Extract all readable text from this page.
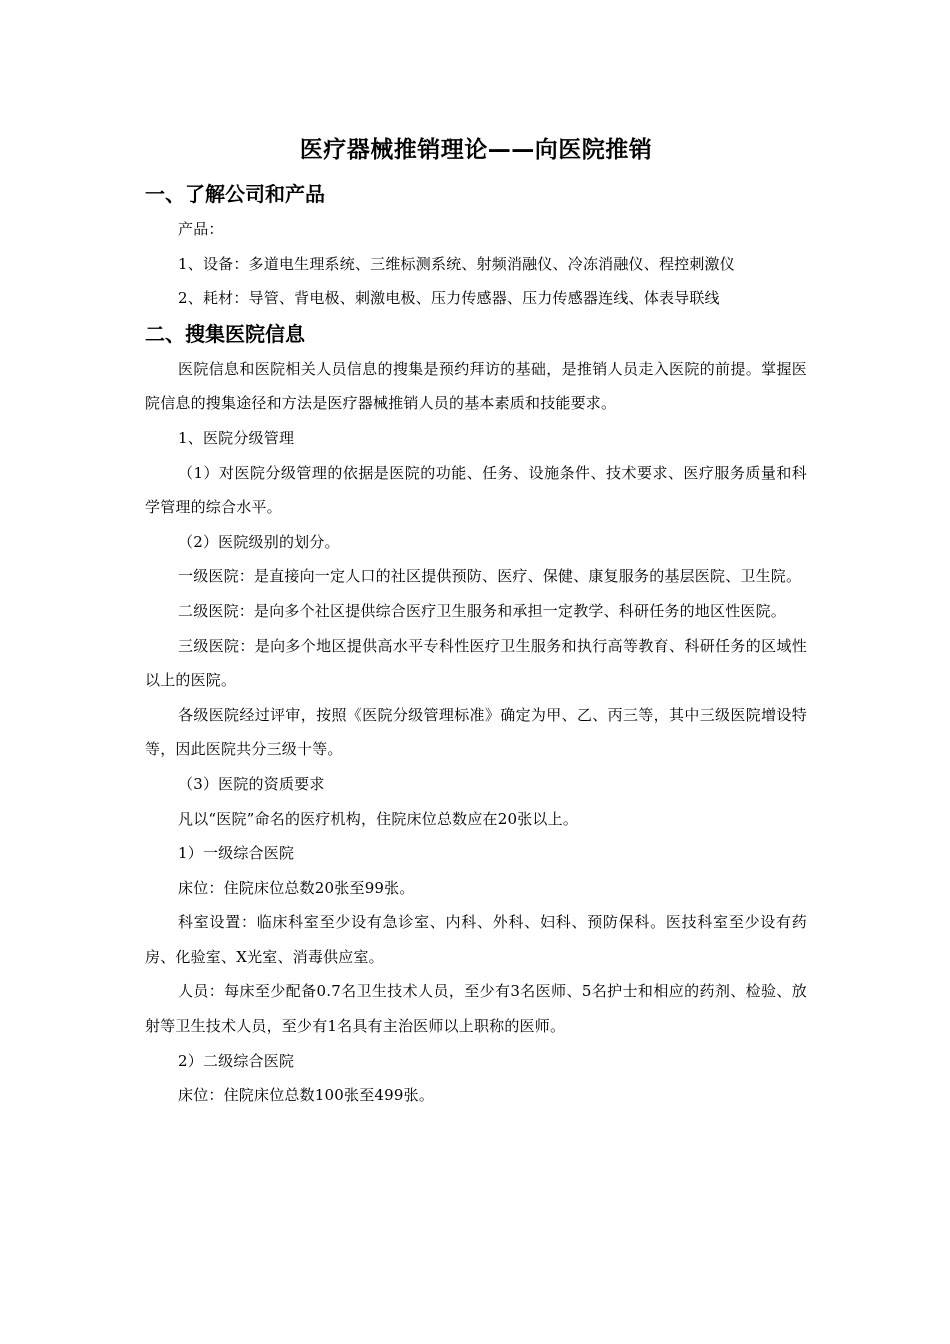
医疗器械推销理论——向医院推销
一、了解公司和产品
产品：
1、设备：多道电生理系统、三维标测系统、射频消融仪、冷冻消融仪、程控刺激仪
2、耗材：导管、背电极、刺激电极、压力传感器、压力传感器连线、体表导联线
二、搜集医院信息
医院信息和医院相关人员信息的搜集是预约拜访的基础，是推销人员走入医院的前提。掌握医院信息的搜集途径和方法是医疗器械推销人员的基本素质和技能要求。
1、医院分级管理
（1）对医院分级管理的依据是医院的功能、任务、设施条件、技术要求、医疗服务质量和科学管理的综合水平。
（2）医院级别的划分。
一级医院：是直接向一定人口的社区提供预防、医疗、保健、康复服务的基层医院、卫生院。
二级医院：是向多个社区提供综合医疗卫生服务和承担一定教学、科研任务的地区性医院。
三级医院：是向多个地区提供高水平专科性医疗卫生服务和执行高等教育、科研任务的区域性以上的医院。
各级医院经过评审，按照《医院分级管理标准》确定为甲、乙、丙三等，其中三级医院增设特等，因此医院共分三级十等。
（3）医院的资质要求
凡以“医院”命名的医疗机构，住院床位总数应在20张以上。
1）一级综合医院
床位：住院床位总数20张至99张。
科室设置：临床科室至少设有急诊室、内科、外科、妇科、预防保科。医技科室至少设有药房、化验室、X光室、消毒供应室。
人员：每床至少配备0.7名卫生技术人员，至少有3名医师、5名护士和相应的药剂、检验、放射等卫生技术人员，至少有1名具有主治医师以上职称的医师。
2）二级综合医院
床位：住院床位总数100张至499张。
